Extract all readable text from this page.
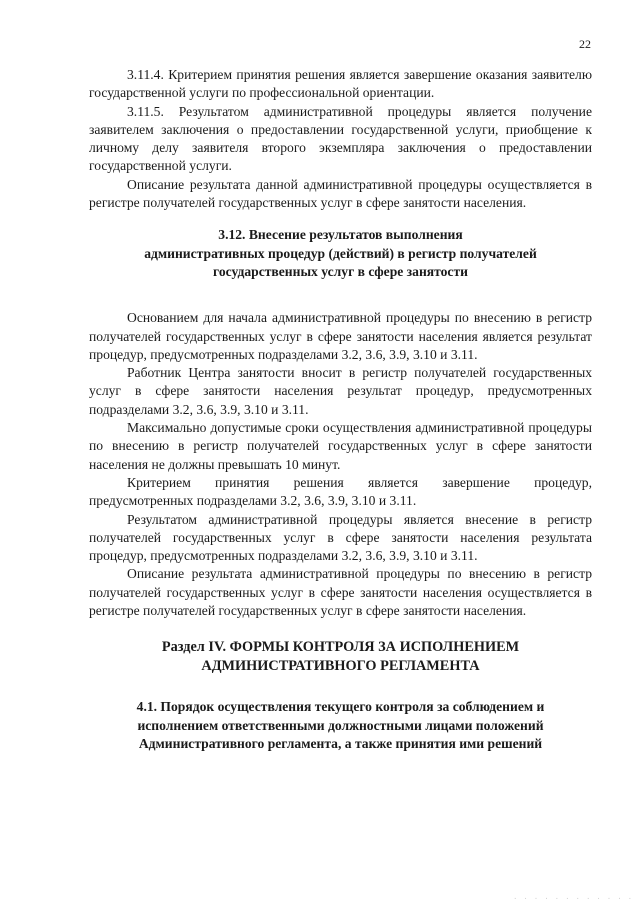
22

3.11.4. Критерием принятия решения является завершение оказания заявителю государственной услуги по профессиональной ориентации.

3.11.5. Результатом административной процедуры является получение заявителем заключения о предоставлении государственной услуги, приобщение к личному делу заявителя второго экземпляра заключения о предоставлении государственной услуги.

Описание результата данной административной процедуры осуществляется в регистре получателей государственных услуг в сфере занятости населения.

3.12. Внесение результатов выполнения
административных процедур (действий) в регистр получателей государственных услуг в сфере занятости

Основанием для начала административной процедуры по внесению в регистр получателей государственных услуг в сфере занятости населения является результат процедур, предусмотренных подразделами 3.2, 3.6, 3.9, 3.10 и 3.11.

Работник Центра занятости вносит в регистр получателей государственных услуг в сфере занятости населения результат процедур, предусмотренных подразделами 3.2, 3.6, 3.9, 3.10 и 3.11.

Максимально допустимые сроки осуществления административной процедуры по внесению в регистр получателей государственных услуг в сфере занятости населения не должны превышать 10 минут.

Критерием принятия решения является завершение процедур, предусмотренных подразделами 3.2, 3.6, 3.9, 3.10 и 3.11.

Результатом административной процедуры является внесение в регистр получателей государственных услуг в сфере занятости населения результата процедур, предусмотренных подразделами 3.2, 3.6, 3.9, 3.10 и 3.11.

Описание результата административной процедуры по внесению в регистр получателей государственных услуг в сфере занятости населения осуществляется в регистре получателей государственных услуг в сфере занятости населения.

Раздел IV. ФОРМЫ КОНТРОЛЯ ЗА ИСПОЛНЕНИЕМ АДМИНИСТРАТИВНОГО РЕГЛАМЕНТА
4.1. Порядок осуществления текущего контроля за соблюдением и исполнением ответственными должностными лицами положений Административного регламента, а также принятия ими решений
· · · · · · · · · · · ·
